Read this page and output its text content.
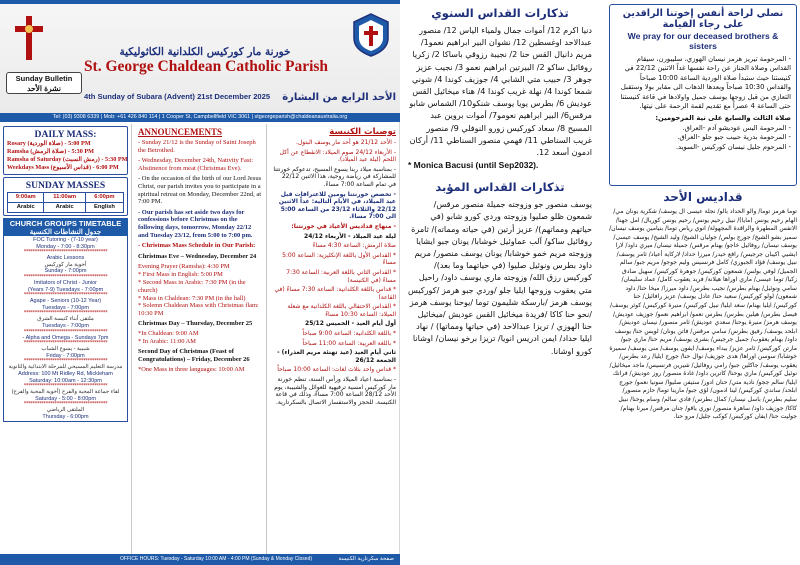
خورنة مار كوركيس الكلدانية الكاثوليكية
St. George Chaldean Catholic Parish
Sunday Bulletin
نشرة الأحد
4th Sunday of Subara (Advent) 21st December 2025	الأحد الرابع من البشارة
Tel: (03) 9308 6339 | Mob: +61 426 840 114 | 1 Cooper St, Campbellfield VIC 3061 | stgeorgeparish@chaldeanaustralia.org
DAILY MASS:
Rosary (صلاة الوردية) - 5:00 PM
Ramsha (صلاة الرمش) - 5:30 PM
Ramsha of Saturday (رمش السبت) - 5:30 PM
Weekdays Mass (قداس الأسبوع) - 6:00 PM
SUNDAY MASSES
9:00am	11:00am	6:00pm
Arabic	Arabic	English
CHURCH GROUPS TIMETABLE
جدول النشاطات الكنسية
FOC Tutoring - (7-10 year)
Monday - 7:00 - 8:30pm
**************************************
Arabic Lessons
أخوية مار كوركيس
Sunday - 7:00pm
**************************************
Imitators of Christ - Junior
(Years 7-9) Tuesdays - 7:00pm
**************************************
Agape - Seniors (10-12 Year)
Tuesdays - 7:00pm
**************************************
ملتقى أبناء كنيسة الشرق
Tuesdays - 7:00pm
**************************************
- Alpha and Omega - Sundays 7pm
**************************************
شبيبة - يسوع الشباب
Friday - 7:00pm
**************************************
مدرسة التعليم المسيحي للمرحلة الابتدائية والثانوية
Address: 100 Mt Ridley Rd, Mickleham Saturday: 10:00am - 12:30pm
**************************************
لقاء جماعة المحبة والفرح (أخوية المحبة والفرح)
Saturday - 5:00 - 8:00pm
**************************************
الملتقى الرياضي
Thursday - 6:00pm
ANNOUNCEMENTS
- Sunday 21/12 is the Sunday of Saint Joseph the Betrothed.
- Wednesday, December 24th, Nativity Fast: Abstinence from meat (Christmas Eve).
- On the occasion of the birth of our Lord Jesus Christ, our parish invites you to participate in a spiritual retreat on Monday, December 22nd, at 7:00 PM.
- Our parish has set aside two days for confessions before Christmas on the following days, tomorrow, Monday 22/12 and Tuesday 23/12, from 5:00 to 7:00 pm.
- Christmas Mass Schedule in Our Parish:
Christmas Eve – Wednesday, December 24
Evening Prayer (Ramsha): 4:30 PM
* First Mass in English: 5:00 PM
* Second Mass in Arabic: 7:30 PM (in the church)
* Mass in Chaldean: 7:30 PM (in the hall)
* Solemn Chaldean Mass with Christmas flam: 10:30 PM
Christmas Day – Thursday, December 25
*In Chaldean: 9:00 AM
* In Arabic: 11:00 AM
Second Day of Christmas (Feast of Congratulations) – Friday, December 26
*One Mass in three languages: 10:00 AM
توصيات الكنيسة
- الأحد 21/12 هو أحد مار يوسف البتول.
- الأربعاء 24/12 صوم الميلاد: الانقطاع عن أكل اللحم (ليلة عيد الميلاد).
- بمناسبة ميلاد ربنا يسوع المسيح، تدعوكم خورنتنا للمشاركة في رياضة روحية، هذا الاثنين 22/12 في تمام الساعة 7:00 مساءً.
- تخصص خورنتنا يومين للاعترافات قبل عيد الميلاد، في الأيام التالية: غداً الاثنين 22/12 والثلاثاء 23/12 من الساعة 5:00 الى 7:00 مساءً.
- منهاج قداديس الأعياد في خورنتنا:
ليلة عيد الميلاد - الأربعاء 24/12
صلاة الرمش: الساعة 4:30 مساءً
* القداس الأول باللغة الإنكليزية: الساعة 5:00 مساءً
* القداس الثاني باللغة العربية: الساعة 7:30 مساءً (في الكنيسة)
* قداس باللغة الكلدانية: الساعة 7:30 مساءً (في القاعة)
* القداس الاحتفالي باللغة الكلدانية مع شعلة الميلاد: الساعة 10:30 مساءً
أول أيام العيد - الخميس 25/12
* باللغة الكلدانية: الساعة 9:00 صباحاً
* باللغة العربية: الساعة 11:00 صباحاً
ثاني أيام العيد (عيد تهنئة مريم العذراء) - الجمعة 26/12
* قداس واحد بثلاث لغات: الساعة 10:00 صباحاً
- بمناسبة اعياد الميلاد ورأس السنة، تنظم خورنة مار كوركيس امسية ترفيهية للعوائل والشبيبة، يوم الأحد 28/12 الساعة 7:00 مساءً، وذلك في قاعة الكنيسة. للحجز والاستفسار الاتصال بالسكرتارية.
OFFICE HOURS: Tuesday - Saturday 10:00 AM - 4:00 PM (Sunday & Monday Closed)	صفحة سكرتارية الكنيسة
تذكارات القداس السنوي
دنيا اكرم 12/ أموات جمال ولمياء الياس 12/ منصور عبدالاحد اوغسطين 12/ نشوان البير ابراهيم نعمو1/ مريم دانيال القس حنا 2/ نجيبة رزوقي باساكا 2/ زكريا روفائيل ساكو 2/ البيرتين ابراهيم نعمو 3/ نجيب عزيز جوهر 3/ حبيب متي الشابي 4/ جوزيف كوندا 4/ شوني شمعا كوندا 4/ نهلة غريب كوندا 4/ هناء ميخائيل القس عوديش 6/ بطرس يويا يوسف شنكو10/ الشماس شابو مرقس6/ البير ابراهيم نعومو7/ أموات بروين عبد المسيح 8/ سعاد كوركيس زورو النوفلي 9/ منصور غريب السناطي 11/ فهمي منصور السناطي 11/ أركان ادمون أسعد 12.
* Monica Bacusi (until Sep2032).
تذكارات القداس المؤبد
يوسف منصور جو وزوجته جميلة منصور مرقس/ شمعون ظلو صليوا وزوجته وردي كورو شابو (في حياتهم ومماتهم)/ عزيز أرتين (في حياته ومماته)/ ثامرة روفائيل ساكو/ آلب عماوئيل خوشابا/ يونان جبو ايشايا وزوجته مريم خمو خوشابا/ يونان يوسف منصور/ مريم داود بطرس ونوئيل صليوا (في حياتهما وما بعد)/ كوركيس رزق الله/ وزوجته ماري يوسف داود/ راحيل متي يعقوب وزوجها ايليا جلو /وردي جبو هرمز /كوركيس يوسف هرمز /بارسكة شليمون توما /يوحنا يوسف هرمز /نحو حنا كاكا /فريدة ميخائيل القس عوديش /ميخائيل حنا الهوزي / تريزا عبدالاحد (في حياتها ومماتها) / نهاد ايليا حداد/ ايمن ادريس انويا/ تريزا برخو نيسان/ اوشانا كورو اوشانا.
نصلي لراحة أنفس إخوتنا الراقدين على رجاء القيامة
We pray for our deceased brothers & sisters
- المرحومة تيريز هرمز نيسان الهوزي، سليبورن، سيقام القداس وصلاة الجناز عن راحة نفسها غداً الاثنين 22/12 في كنيستنا حيث ستبدأ صلاة الوردية الساعة 10:00 صباحاً والقداس 10:30 صباحاً وبعدها الذهاب الى مقابر بولا وستقبل التعازي من قبل زوجها يوسف جميل واولادها في قاعة كنيستنا حتى الساعة 4 عصراً مع تقديم لقمة الرحمة على نيتها.
صلاة الثالث والسابع على نية المرحومين:
- المرحومة اليس عوديشو آدم -العراق.
- المرحومة بدرية حبيب جبو جلو -العراق.
- المرحوم جليل نيسان كوركيس -السويد.
قداديس الأحد
توما هرمز توما/ والو الحداد بالو/ نجلة عيسى ال يوسف/ شكرية يونان مي/ الهام رحيم يونس (مايا)/ نبيل رحيم يونس/ رحيم يونس كوريال/ امل جهنا/ الانفس المطهرة والراقدة المجهولة/ انوي رياض توما/ بنيامين يوسف نيسان/ سمير بشو الشيخ/ جورج بولص/ جوليان الشيخ/ وليد الشيخ/ يوسف عيسى/ يوسف نيسان/ روفائيل خاجو/ بهنام مرقس/ جميلة نيسان/ ميري داود/ لارا ايشيي اكيبان جرجيس/ رافع حيدر/ ميرزا حداد/ لاركاية أعياد/ ثامر يوسف/ نبيل يوسف/ فؤاد الجبوري/ كامل فرنسيس وليم جوجو/ مريم جبو/ سالم الجميل/ لوفي بولس/ شمعون كوركيس/ جوهرة كوركيس/ سهيل صادق زكيا/ توما عيسى/ ماري اوراها هيلانة/ فريد يعقوب كامل/ عماد سليمان/ سامي ونوئيل/ بهنام بطرس/ نجيب بطرس/ داود ميرزا/ ميخا حنا/ داود شمعون/ لولو كوركيس/ سعيد حنا/ عادل يوسف/ عزيز رافائيل/ حنا كوركيس/ ايليا بهنام/ سعد ايليا/ نبيل كوركيس/ منيرة كوركيس/ كوثر يوسف/ فيصل بطرس/ هيلين بطرس/ بطرس نعمو/ ابراهيم نعمو/ جوزيف عوديش/ يوسف هرمز/ منيرة يوحنا/ سعدي عوديش/ ثامر منصور/ نيسان عوديش/ ابلحد يوسف/ رفيق بطرس/ سامي مرقس/ فاتن يونان/ لويس حنا/ يوسف داود/ بهنام يعقوب/ جميل جرجيس/ بشرى يوسف/ مريم حنا/ ماري جبو/ مارتن كوركيس/ ثامر عزيز/ بيداء يوسف/ ايفون يوسف/ منى يوسف/ سميرة خوشابا/ سوسن اوراها/ هدى جوزيف/ نوال حنا/ جورج ايليا/ رعد بطرس/ يعقوب يوسف/ جاكلين جبو/ رامي روفائيل/ شيرين فرنسيس/ ماجد ميخائيل/ نوئيل كوركيس/ ماري يوحنا/ كاترين داود/ غادة منصور/ روز عوديش/ فرانك ايليا/ سالم ججو/ نادية متي/ حنان ادور/ ستيفن صليوا/ سونيا نعمو/ جورج ابلحد/ ساندي كوركيس/ لينا ادمون/ لؤي جبو/ مارينا توما/ حازم منصور/ سليم بطرس/ باسل نيسان/ كمال بطرس/ فادي سالم/ وسام يوحنا/ نبيل كاكا/ جوزيف داود/ ساهرة منصور/ نوري ياقو/ جنان مرقس/ ميرنا بهنام/ جوليت حنا/ ايفان كوركيس/ كوكب جليل/ مرو حنا.
